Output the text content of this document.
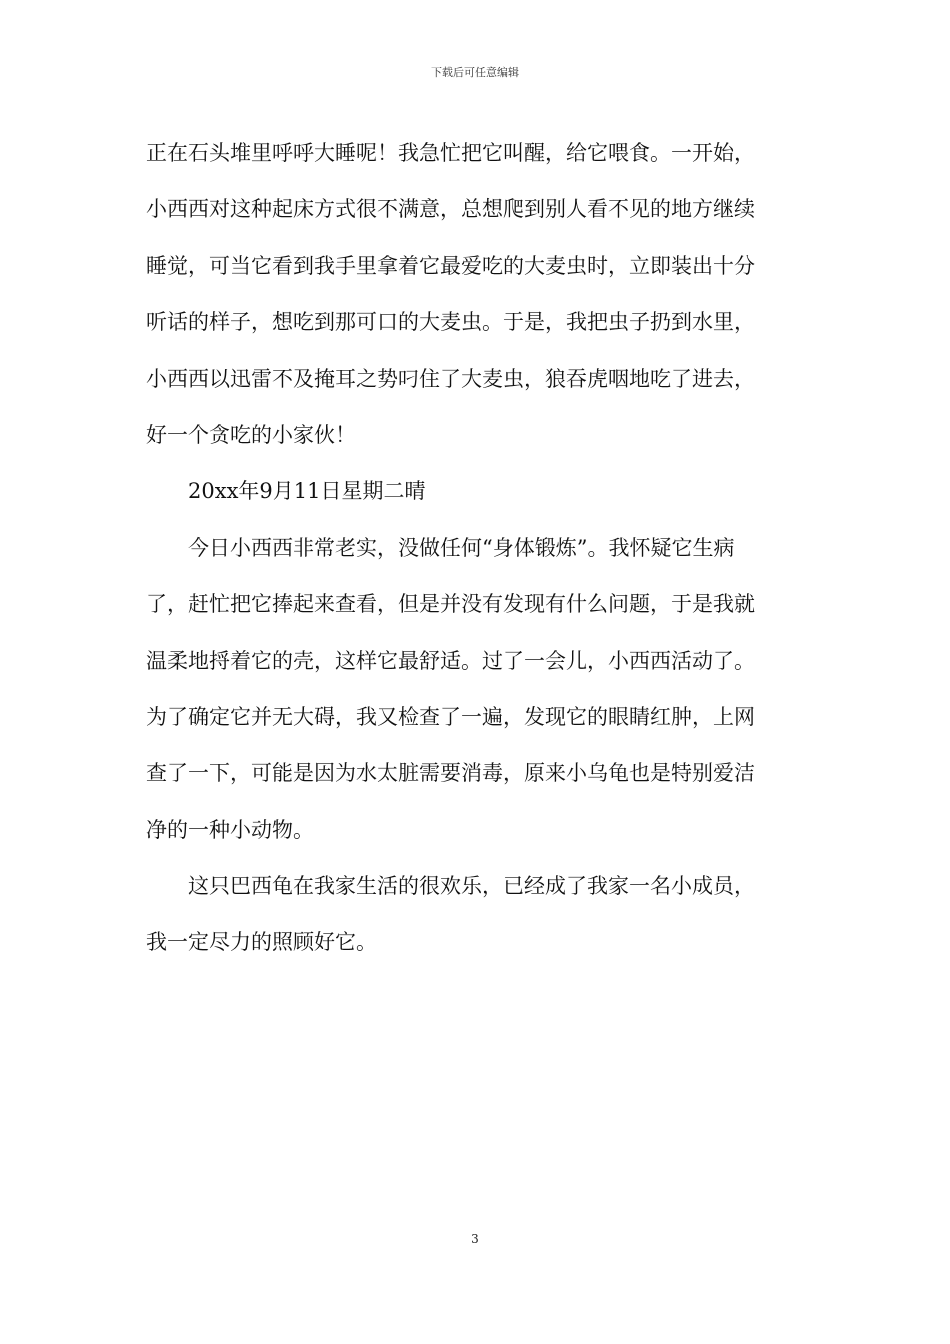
下载后可任意编辑
正在石头堆里呼呼大睡呢！我急忙把它叫醒，给它喂食。一开始，
小西西对这种起床方式很不满意，总想爬到别人看不见的地方继续
睡觉，可当它看到我手里拿着它最爱吃的大麦虫时，立即装出十分
听话的样子，想吃到那可口的大麦虫。于是，我把虫子扔到水里，
小西西以迅雷不及掩耳之势叼住了大麦虫，狼吞虎咽地吃了进去，
好一个贪吃的小家伙！
20xx年9月11日星期二晴
今日小西西非常老实，没做任何“身体锻炼”。我怀疑它生病
了，赶忙把它捧起来查看，但是并没有发现有什么问题，于是我就
温柔地捋着它的壳，这样它最舒适。过了一会儿，小西西活动了。
为了确定它并无大碍，我又检查了一遍，发现它的眼睛红肿，上网
查了一下，可能是因为水太脏需要消毒，原来小乌龟也是特别爱洁
净的一种小动物。
这只巴西龟在我家生活的很欢乐，已经成了我家一名小成员，
我一定尽力的照顾好它。
3
